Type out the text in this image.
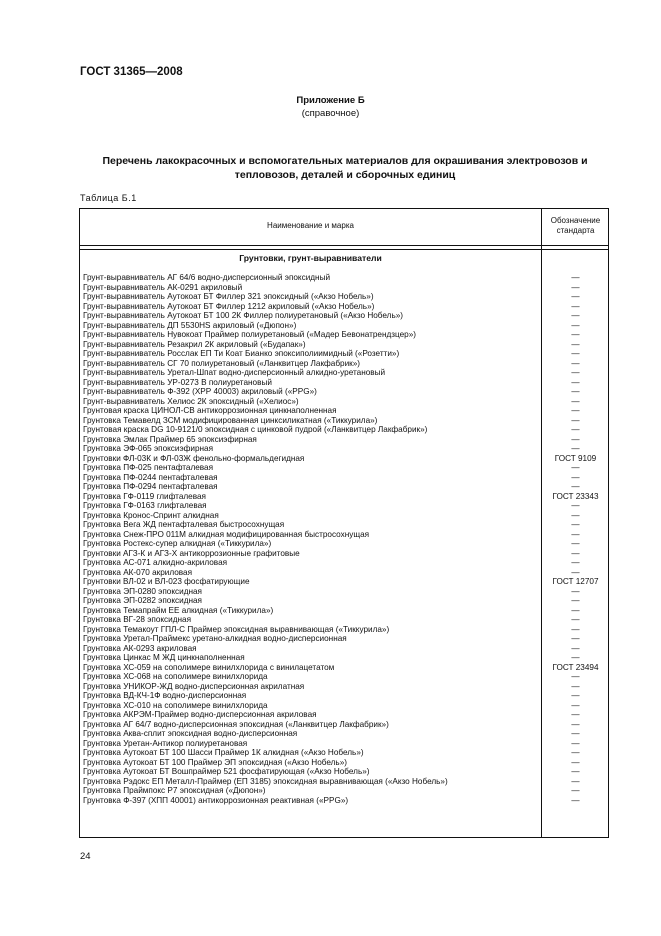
ГОСТ 31365—2008
Приложение Б
(справочное)
Перечень лакокрасочных и вспомогательных материалов для окрашивания электровозов и
тепловозов, деталей и сборочных единиц
Таблица Б.1
Наименование и марка
Обозначение
стандарта
Грунтовки, грунт-выравниватели
Грунт-выравниватель АГ 64/6 водно-дисперсионный эпоксидный	—
Грунт-выравниватель АК-0291 акриловый	—
Грунт-выравниватель Аутокоат БТ Филлер 321 эпоксидный («Акзо Нобель»)	—
Грунт-выравниватель Аутокоат БТ Филлер 1212 акриловый («Акзо Нобель»)	—
Грунт-выравниватель Аутокоат БТ 100 2К Филлер полиуретановый («Акзо Нобель»)	—
Грунт-выравниватель ДП 5530HS акриловый («Дюпон»)	—
Грунт-выравниватель Нувокоат Праймер полиуретановый («Мадер Бевонатрендзцер»)	—
Грунт-выравниватель Резакрил 2К акриловый («Будапак»)	—
Грунт-выравниватель Росслак ЕП Ти Коат Бианко эпоксиполиимидный («Розетти»)	—
Грунт-выравниватель СГ 70 полиуретановый («Ланквитцер Лакфабрик»)	—
Грунт-выравниватель Уретал-Шпат водно-дисперсионный алкидно-уретановый	—
Грунт-выравниватель УР-0273 В полиуретановый	—
Грунт-выравниватель Ф-392 (ХРР 40003) акриловый («PPG»)	—
Грунт-выравниватель Хелиос 2К эпоксидный («Хелиос»)	—
Грунтовая краска ЦИНОЛ-СВ антикоррозионная цинкнаполненная	—
Грунтовка Темавелд ЗСМ модифицированная цинксиликатная («Тиккурила»)	—
Грунтовая краска DG 10-9121/0 эпоксидная с цинковой пудрой («Ланквитцер Лакфабрик»)	—
Грунтовка Эмлак Праймер 65 эпоксиэфирная	—
Грунтовка ЭФ-065 эпоксиэфирная	—
Грунтовки ФЛ-03К и ФЛ-03Ж фенольно-формальдегидная	ГОСТ 9109
Грунтовка ПФ-025 пентафталевая	—
Грунтовка ПФ-0244 пентафталевая	—
Грунтовка ПФ-0294 пентафталевая	—
Грунтовка ГФ-0119 глифталевая	ГОСТ 23343
Грунтовка ГФ-0163 глифталевая	—
Грунтовка Кронос-Спринт алкидная	—
Грунтовка Вега ЖД пентафталевая быстросохнущая	—
Грунтовка Снеж-ПРО 011М алкидная модифицированная быстросохнущая	—
Грунтовка Ростекс-супер алкидная («Тиккурила»)	—
Грунтовки АГЗ-К и АГЗ-Х антикоррозионные графитовые	—
Грунтовка АС-071 алкидно-акриловая	—
Грунтовка АК-070 акриловая	—
Грунтовки ВЛ-02 и ВЛ-023 фосфатирующие	ГОСТ 12707
Грунтовка ЭП-0280 эпоксидная	—
Грунтовка ЭП-0282 эпоксидная	—
Грунтовка Темапрайм ЕЕ алкидная («Тиккурила»)	—
Грунтовка ВГ-28 эпоксидная	—
Грунтовка Темакоут ГПЛ-С Праймер эпоксидная выравнивающая («Тиккурила»)	—
Грунтовка Уретал-Праймекс уретано-алкидная водно-дисперсионная	—
Грунтовка АК-0293 акриловая	—
Грунтовка Цинкас М ЖД цинкнаполненная	—
Грунтовка ХС-059 на сополимере винилхлорида с винилацетатом	ГОСТ 23494
Грунтовка ХС-068 на сополимере винилхлорида	—
Грунтовка УНИКОР-ЖД водно-дисперсионная акрилатная	—
Грунтовка ВД-КЧ-1Ф водно-дисперсионная	—
Грунтовка ХС-010 на сополимере винилхлорида	—
Грунтовка АКРЭМ-Праймер водно-дисперсионная акриловая	—
Грунтовка АГ 64/7 водно-дисперсионная эпоксидная («Ланквитцер Лакфабрик»)	—
Грунтовка Аква-сплит эпоксидная водно-дисперсионная	—
Грунтовка Уретан-Антикор полиуретановая	—
Грунтовка Аутокоат БТ 100 Шасси Праймер 1К алкидная («Акзо Нобель»)	—
Грунтовка Аутокоат БТ 100 Праймер ЭП эпоксидная («Акзо Нобель»)	—
Грунтовка Аутокоат БТ Вошпраймер 521 фосфатирующая («Акзо Нобель»)	—
Грунтовка Рэдокс ЕП Металл-Праймер (ЕП 3185) эпоксидная выравнивающая («Акзо Нобель»)	—
Грунтовка Праймпокс Р7 эпоксидная («Дюпон»)	—
Грунтовка Ф-397 (ХПП 40001) антикоррозионная реактивная («PPG»)	—
24
